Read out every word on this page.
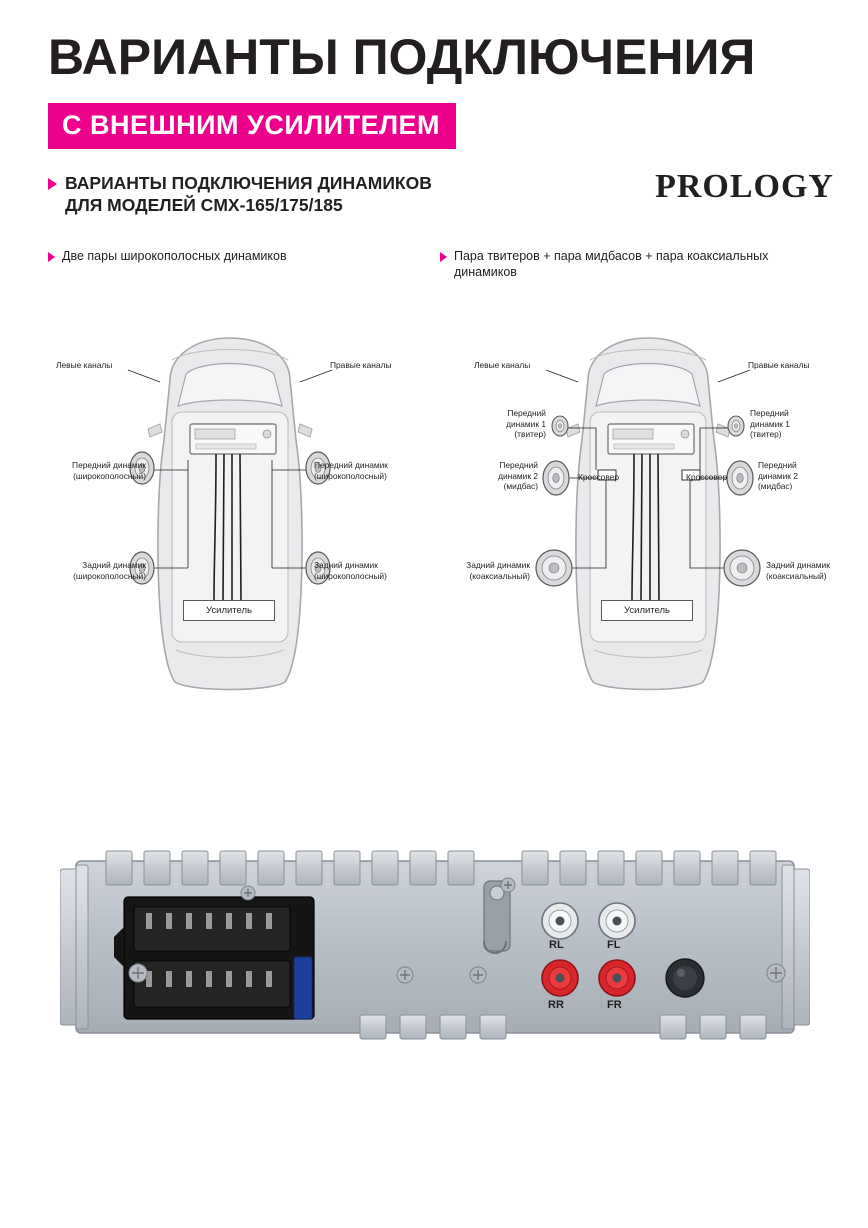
ВАРИАНТЫ ПОДКЛЮЧЕНИЯ
С ВНЕШНИМ УСИЛИТЕЛЕМ
PROLOGY
ВАРИАНТЫ ПОДКЛЮЧЕНИЯ ДИНАМИКОВ
ДЛЯ МОДЕЛЕЙ CMX-165/175/185
Две пары широкополосных динамиков	Пара твитеров + пара мидбасов + пара коаксиальных динамиков
Левые каналы	Правые каналы
Передний динамик
(широкополосный)
Передний динамик
(широкополосный)
Задний динамик
(широкополосный)
Задний динамик
(широкополосный)
Усилитель
Левые каналы	Правые каналы
Передний
динамик 1
(твитер)
Передний
динамик 1
(твитер)
Передний
динамик 2
(мидбас)
Передний
динамик 2
(мидбас)
Задний динамик
(коаксиальный)
Задний динамик
(коаксиальный)
Кроссовер	Кроссовер
Усилитель
RL	FL
RR	FR
